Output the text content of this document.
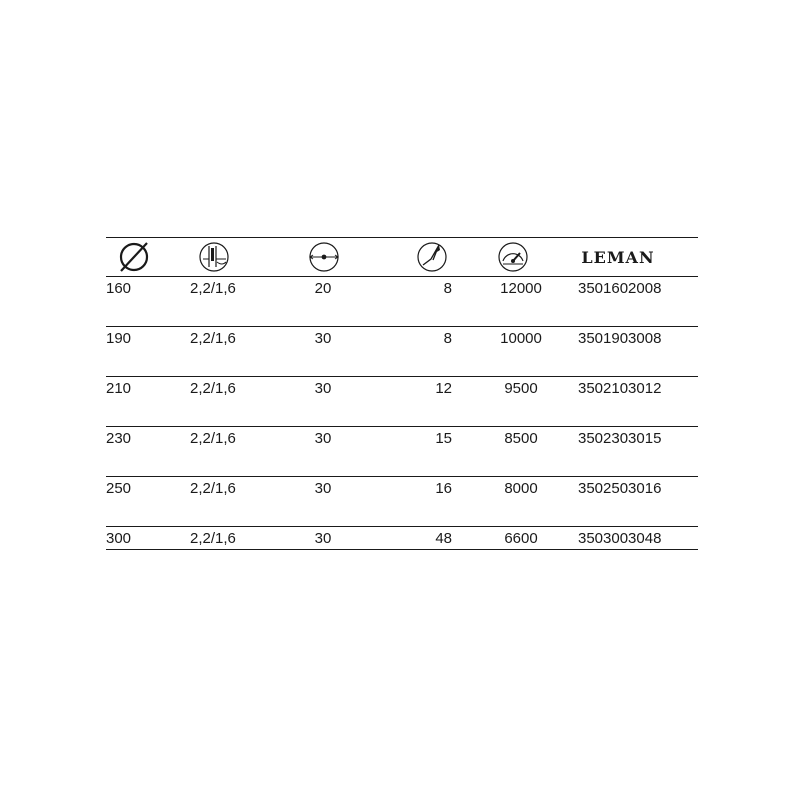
LEMAN
160	2,2/1,6	20	8	12000	3501602008
190	2,2/1,6	30	8	10000	3501903008
210	2,2/1,6	30	12	9500	3502103012
230	2,2/1,6	30	15	8500	3502303015
250	2,2/1,6	30	16	8000	3502503016
300	2,2/1,6	30	48	6600	3503003048
